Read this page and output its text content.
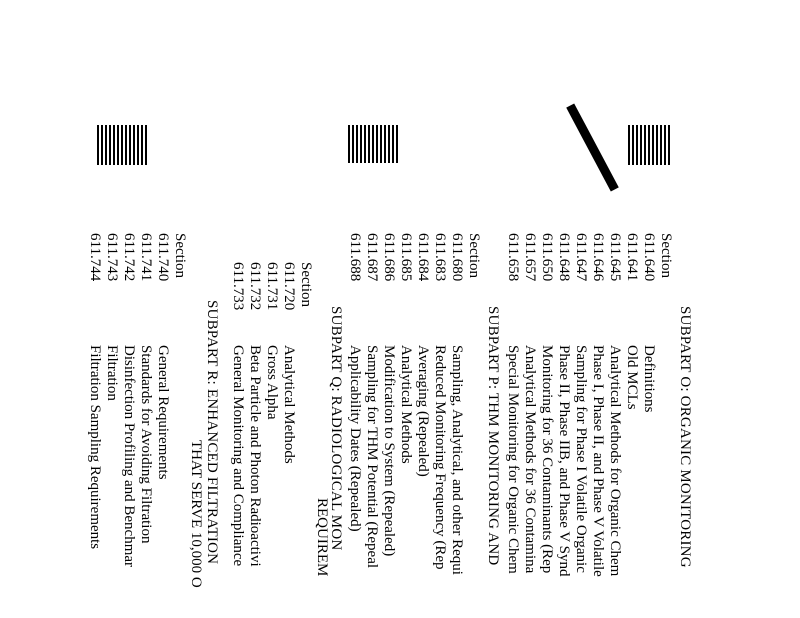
SUBPART O: ORGANIC MONITORING
Section
611.640
Definitions
611.641
Old MCLs
611.645
Analytical Methods for Organic Chem
611.646
Phase I, Phase II, and Phase V Volatile
611.647
Sampling for Phase I Volatile Organic
611.648
Phase II, Phase IIB, and Phase V Synd
611.650
Monitoring for 36 Contaminants (Rep
611.657
Analytical Methods for 36 Contamina
611.658
Special Monitoring for Organic Chem
SUBPART P: THM MONITORING AND
Section
611.680
Sampling, Analytical, and other Requi
611.683
Reduced Monitoring Frequency (Rep
611.684
Averaging (Repealed)
611.685
Analytical Methods
611.686
Modification to System (Repealed)
611.687
Sampling for THM Potential (Repeal
611.688
Applicability Dates (Repealed)
SUBPART Q: RADIOLOGICAL MON
REQUIREM
Section
611.720
Analytical Methods
611.731
Gross Alpha
611.732
Beta Particle and Photon Radioactivi
611.733
General Monitoring and Compliance
SUBPART R: ENHANCED FILTRATION
THAT SERVE 10,000 O
Section
611.740
General Requirements
611.741
Standards for Avoiding Filtration
611.742
Disinfection Profiling and Benchmar
611.743
Filtration
611.744
Filtration Sampling Requirements
